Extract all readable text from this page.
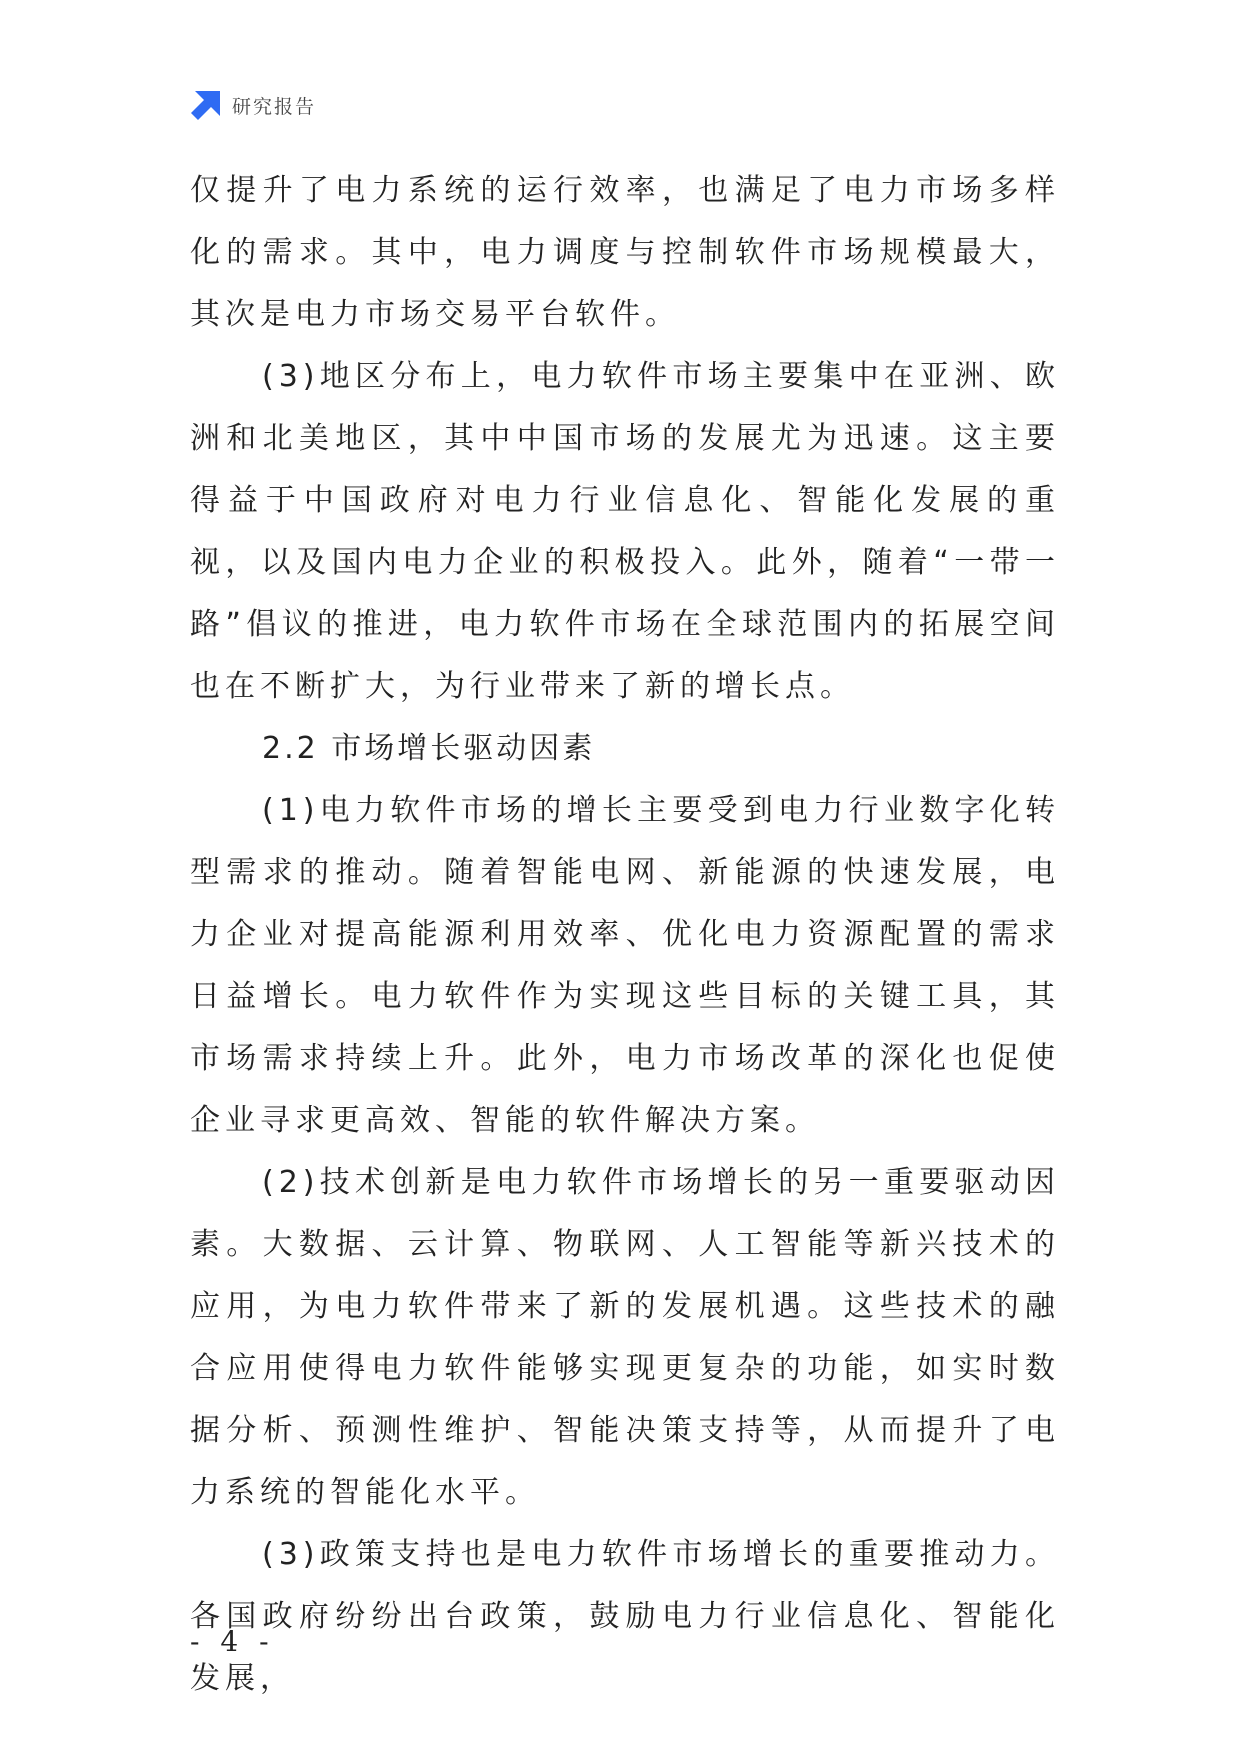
研究报告

仅提升了电力系统的运行效率，也满足了电力市场多样化的需求。其中，电力调度与控制软件市场规模最大，其次是电力市场交易平台软件。

(3)地区分布上，电力软件市场主要集中在亚洲、欧洲和北美地区，其中中国市场的发展尤为迅速。这主要得益于中国政府对电力行业信息化、智能化发展的重视，以及国内电力企业的积极投入。此外，随着“一带一路”倡议的推进，电力软件市场在全球范围内的拓展空间也在不断扩大，为行业带来了新的增长点。

2.2 市场增长驱动因素

(1)电力软件市场的增长主要受到电力行业数字化转型需求的推动。随着智能电网、新能源的快速发展，电力企业对提高能源利用效率、优化电力资源配置的需求日益增长。电力软件作为实现这些目标的关键工具，其市场需求持续上升。此外，电力市场改革的深化也促使企业寻求更高效、智能的软件解决方案。

(2)技术创新是电力软件市场增长的另一重要驱动因素。大数据、云计算、物联网、人工智能等新兴技术的应用，为电力软件带来了新的发展机遇。这些技术的融合应用使得电力软件能够实现更复杂的功能，如实时数据分析、预测性维护、智能决策支持等，从而提升了电力系统的智能化水平。

(3)政策支持也是电力软件市场增长的重要推动力。各国政府纷纷出台政策，鼓励电力行业信息化、智能化发展，

- 4 -
